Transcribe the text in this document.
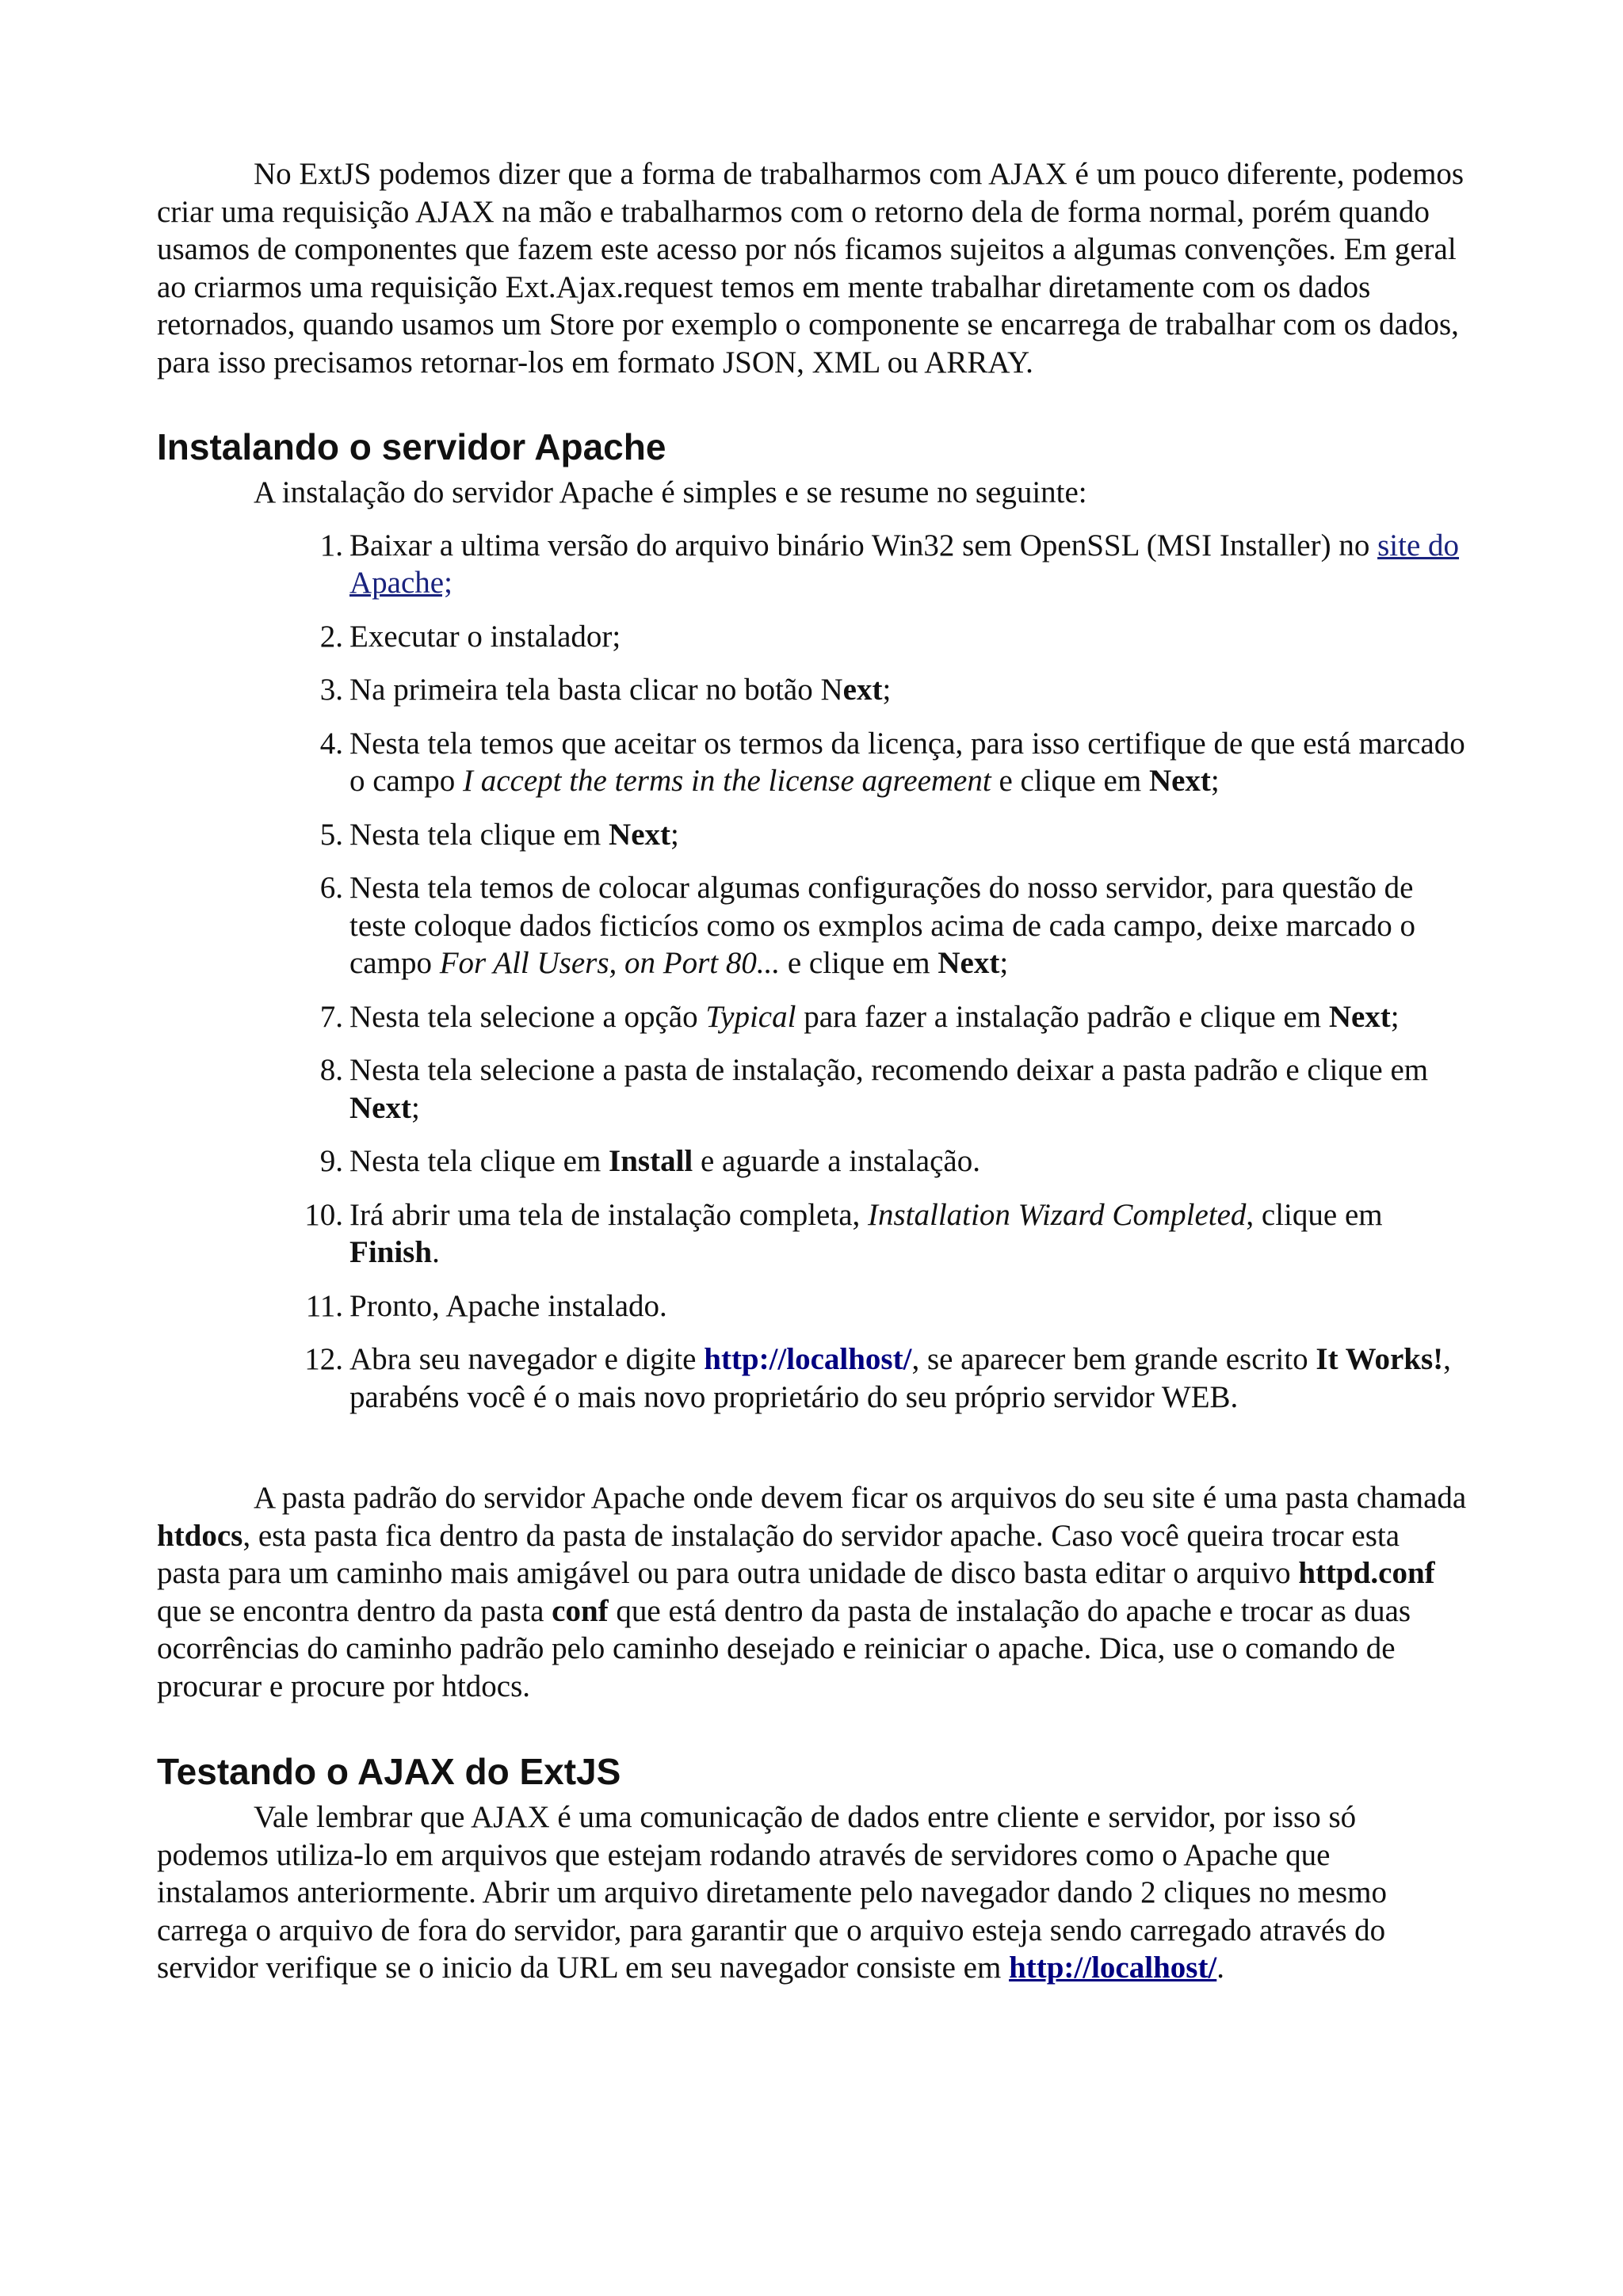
No ExtJS podemos dizer que a forma de trabalharmos com AJAX é um pouco diferente, podemos criar uma requisição AJAX na mão e trabalharmos com o retorno dela de forma normal, porém quando usamos de componentes que fazem este acesso por nós ficamos sujeitos a algumas convenções. Em geral ao criarmos uma requisição Ext.Ajax.request temos em mente trabalhar diretamente com os dados retornados, quando usamos um Store por exemplo o componente se encarrega de trabalhar com os dados, para isso precisamos retornar-los em formato JSON, XML ou ARRAY.

Instalando o servidor Apache

A instalação do servidor Apache é simples e se resume no seguinte:

1 . Baixar a ultima versão do arquivo binário Win32 sem OpenSSL (MSI Installer) no site do Apache;
2 . Executar o instalador;
3 . Na primeira tela basta clicar no botão Next;
4 . Nesta tela temos que aceitar os termos da licença, para isso certifique de que está marcado o campo I accept the terms in the license agreement e clique em Next;
5 . Nesta tela clique em Next;
6 . Nesta tela temos de colocar algumas configurações do nosso servidor, para questão de teste coloque dados ficticíos como os exmplos acima de cada campo, deixe marcado o campo For All Users, on Port 80... e clique em Next;
7 . Nesta tela selecione a opção Typical para fazer a instalação padrão e clique em Next;
8 . Nesta tela selecione a pasta de instalação, recomendo deixar a pasta padrão e clique em Next;
9 . Nesta tela clique em Install e aguarde a instalação.
10 . Irá abrir uma tela de instalação completa, Installation Wizard Completed, clique em Finish.
11 . Pronto, Apache instalado.
12 . Abra seu navegador e digite http://localhost/, se aparecer bem grande escrito It Works!, parabéns você é o mais novo proprietário do seu próprio servidor WEB.

A pasta padrão do servidor Apache onde devem ficar os arquivos do seu site é uma pasta chamada htdocs, esta pasta fica dentro da pasta de instalação do servidor apache. Caso você queira trocar esta pasta para um caminho mais amigável ou para outra unidade de disco basta editar o arquivo httpd.conf que se encontra dentro da pasta conf que está dentro da pasta de instalação do apache e trocar as duas ocorrências do caminho padrão pelo caminho desejado e reiniciar o apache. Dica, use o comando de procurar e procure por htdocs.

Testando o AJAX do ExtJS

Vale lembrar que AJAX é uma comunicação de dados entre cliente e servidor, por isso só podemos utiliza-lo em arquivos que estejam rodando através de servidores como o Apache que instalamos anteriormente. Abrir um arquivo diretamente pelo navegador dando 2 cliques no mesmo carrega o arquivo de fora do servidor, para garantir que o arquivo esteja sendo carregado através do servidor verifique se o inicio da URL em seu navegador consiste em http://localhost/.
